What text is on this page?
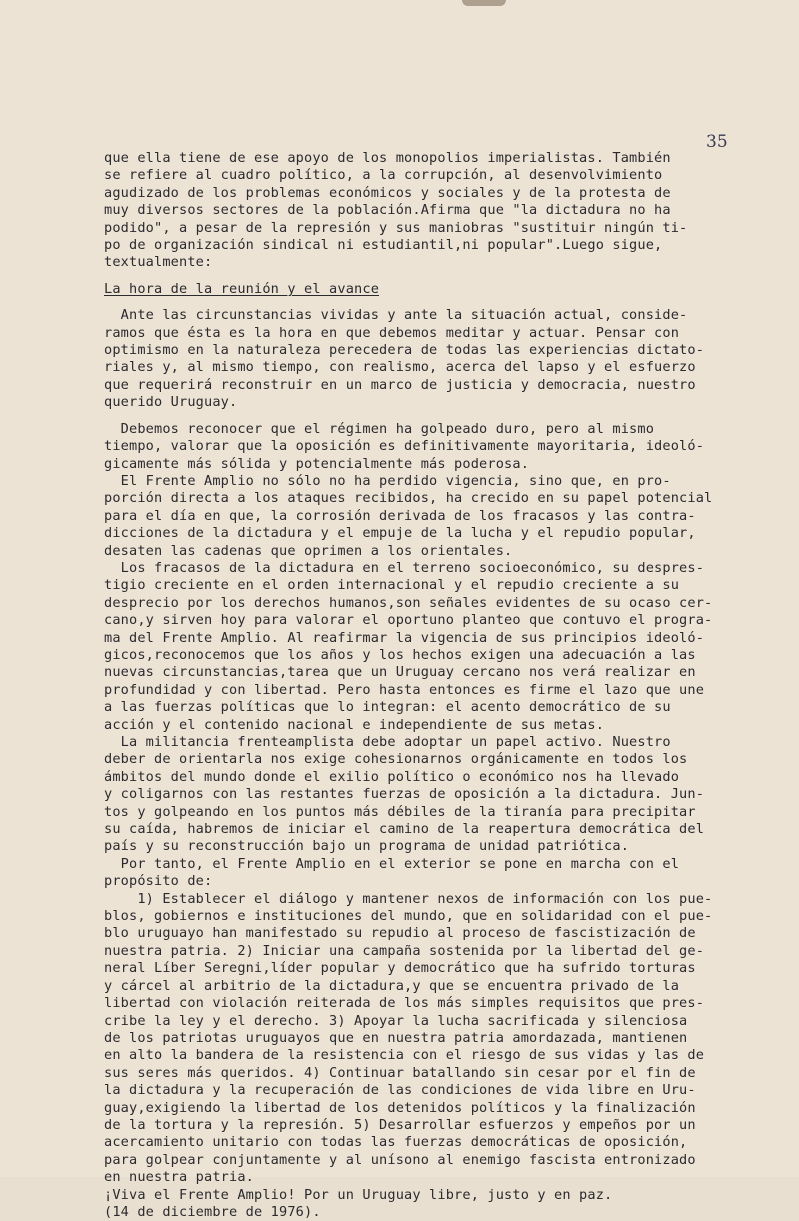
35
que ella tiene de ese apoyo de los monopolios imperialistas. También
se refiere al cuadro político, a la corrupción, al desenvolvimiento
agudizado de los problemas económicos y sociales y de la protesta de
muy diversos sectores de la población.Afirma que "la dictadura no ha
podido", a pesar de la represión y sus maniobras "sustituir ningún ti-
po de organización sindical ni estudiantil,ni popular".Luego sigue,
textualmente:
La hora de la reunión y el avance
Ante las circunstancias vividas y ante la situación actual, conside-
ramos que ésta es la hora en que debemos meditar y actuar. Pensar con
optimismo en la naturaleza perecedera de todas las experiencias dictato-
riales y, al mismo tiempo, con realismo, acerca del lapso y el esfuerzo
que requerirá reconstruir en un marco de justicia y democracia, nuestro
querido Uruguay.
Debemos reconocer que el régimen ha golpeado duro, pero al mismo
tiempo, valorar que la oposición es definitivamente mayoritaria, ideoló-
gicamente más sólida y potencialmente más poderosa.
El Frente Amplio no sólo no ha perdido vigencia, sino que, en pro-
porción directa a los ataques recibidos, ha crecido en su papel potencial
para el día en que, la corrosión derivada de los fracasos y las contra-
dicciones de la dictadura y el empuje de la lucha y el repudio popular,
desaten las cadenas que oprimen a los orientales.
Los fracasos de la dictadura en el terreno socioeconómico, su despres-
tigio creciente en el orden internacional y el repudio creciente a su
desprecio por los derechos humanos,son señales evidentes de su ocaso cer-
cano,y sirven hoy para valorar el oportuno planteo que contuvo el progra-
ma del Frente Amplio. Al reafirmar la vigencia de sus principios ideoló-
gicos,reconocemos que los años y los hechos exigen una adecuación a las
nuevas circunstancias,tarea que un Uruguay cercano nos verá realizar en
profundidad y con libertad. Pero hasta entonces es firme el lazo que une
a las fuerzas políticas que lo integran: el acento democrático de su
acción y el contenido nacional e independiente de sus metas.
La militancia frenteamplista debe adoptar un papel activo. Nuestro
deber de orientarla nos exige cohesionarnos orgánicamente en todos los
ámbitos del mundo donde el exilio político o económico nos ha llevado
y coligarnos con las restantes fuerzas de oposición a la dictadura. Jun-
tos y golpeando en los puntos más débiles de la tiranía para precipitar
su caída, habremos de iniciar el camino de la reapertura democrática del
país y su reconstrucción bajo un programa de unidad patriótica.
Por tanto, el Frente Amplio en el exterior se pone en marcha con el
propósito de:
1) Establecer el diálogo y mantener nexos de información con los pue-
blos, gobiernos e instituciones del mundo, que en solidaridad con el pue-
blo uruguayo han manifestado su repudio al proceso de fascistización de
nuestra patria. 2) Iniciar una campaña sostenida por la libertad del ge-
neral Líber Seregni,líder popular y democrático que ha sufrido torturas
y cárcel al arbitrio de la dictadura,y que se encuentra privado de la
libertad con violación reiterada de los más simples requisitos que pres-
cribe la ley y el derecho. 3) Apoyar la lucha sacrificada y silenciosa
de los patriotas uruguayos que en nuestra patria amordazada, mantienen
en alto la bandera de la resistencia con el riesgo de sus vidas y las de
sus seres más queridos. 4) Continuar batallando sin cesar por el fin de
la dictadura y la recuperación de las condiciones de vida libre en Uru-
guay,exigiendo la libertad de los detenidos políticos y la finalización
de la tortura y la represión. 5) Desarrollar esfuerzos y empeños por un
acercamiento unitario con todas las fuerzas democráticas de oposición,
para golpear conjuntamente y al unísono al enemigo fascista entronizado
en nuestra patria.
¡Viva el Frente Amplio! Por un Uruguay libre, justo y en paz.
(14 de diciembre de 1976).
